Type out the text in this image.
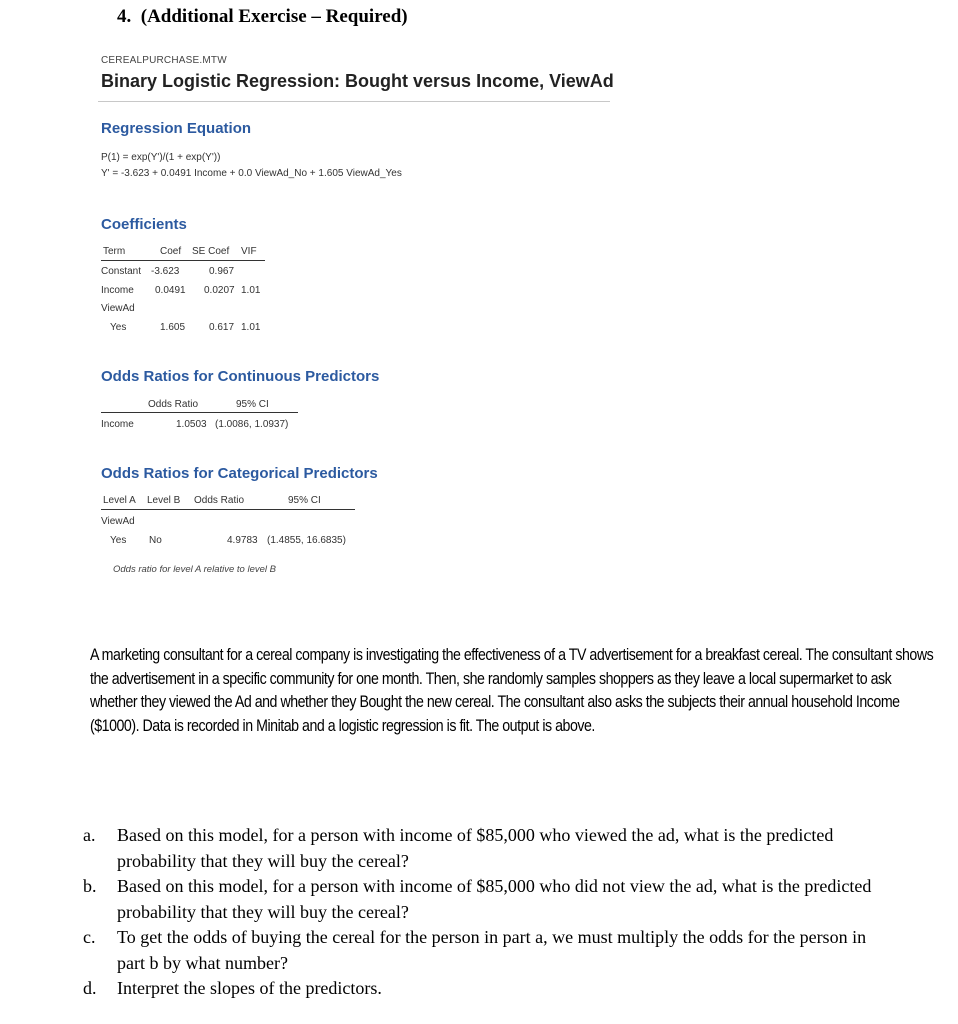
4. (Additional Exercise – Required)
CEREALPURCHASE.MTW
Binary Logistic Regression: Bought versus Income, ViewAd
Regression Equation
P(1) = exp(Y')/(1 + exp(Y'))
Y' = -3.623 + 0.0491 Income + 0.0 ViewAd_No + 1.605 ViewAd_Yes
Coefficients
Term	Coef SE Coef VIF
Constant -3.623	0.967
Income 0.0491 0.0207 1.01
ViewAd
Yes	1.605 0.617 1.01
Odds Ratios for Continuous Predictors
Odds Ratio	95% CI
Income	1.0503 (1.0086, 1.0937)
Odds Ratios for Categorical Predictors
Level A Level B Odds Ratio	95% CI
ViewAd
Yes No	4.9783 (1.4855, 16.6835)
Odds ratio for level A relative to level B
A marketing consultant for a cereal company is investigating the effectiveness of a TV advertisement for a breakfast cereal. The consultant shows the advertisement in a specific community for one month. Then, she randomly samples shoppers as they leave a local supermarket to ask whether they viewed the Ad and whether they Bought the new cereal. The consultant also asks the subjects their annual household Income ($1000). Data is recorded in Minitab and a logistic regression is fit. The output is above.
a.	Based on this model, for a person with income of $85,000 who viewed the ad, what is the predicted probability that they will buy the cereal?
b.	Based on this model, for a person with income of $85,000 who did not view the ad, what is the predicted probability that they will buy the cereal?
c.	To get the odds of buying the cereal for the person in part a, we must multiply the odds for the person in part b by what number?
d.	Interpret the slopes of the predictors.
